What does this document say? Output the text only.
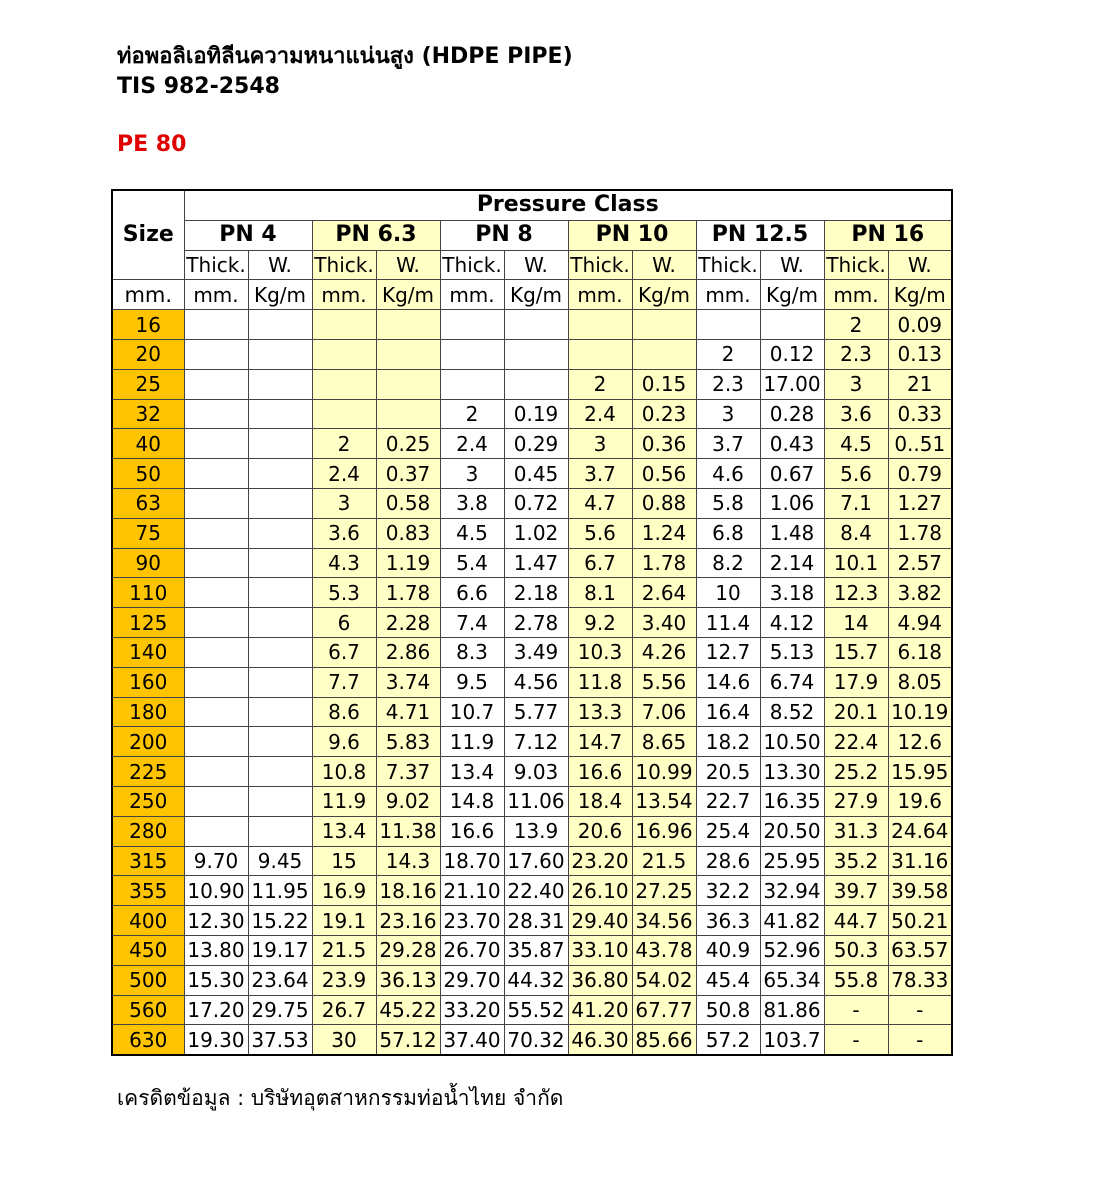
ท่อพอลิเอทิลีนความหนาแน่นสูง (HDPE PIPE)
TIS 982-2548
PE 80
Size	Pressure Class											
	PN 4		PN 6.3		PN 8		PN 10		PN 12.5		PN 16	
	Thick.	W.	Thick.	W.	Thick.	W.	Thick.	W.	Thick.	W.	Thick.	W.
mm.	mm.	Kg/m	mm.	Kg/m	mm.	Kg/m	mm.	Kg/m	mm.	Kg/m	mm.	Kg/m
16											2	0.09
20									2	0.12	2.3	0.13
25							2	0.15	2.3	17.00	3	21
32					2	0.19	2.4	0.23	3	0.28	3.6	0.33
40			2	0.25	2.4	0.29	3	0.36	3.7	0.43	4.5	0..51
50			2.4	0.37	3	0.45	3.7	0.56	4.6	0.67	5.6	0.79
63			3	0.58	3.8	0.72	4.7	0.88	5.8	1.06	7.1	1.27
75			3.6	0.83	4.5	1.02	5.6	1.24	6.8	1.48	8.4	1.78
90			4.3	1.19	5.4	1.47	6.7	1.78	8.2	2.14	10.1	2.57
110			5.3	1.78	6.6	2.18	8.1	2.64	10	3.18	12.3	3.82
125			6	2.28	7.4	2.78	9.2	3.40	11.4	4.12	14	4.94
140			6.7	2.86	8.3	3.49	10.3	4.26	12.7	5.13	15.7	6.18
160			7.7	3.74	9.5	4.56	11.8	5.56	14.6	6.74	17.9	8.05
180			8.6	4.71	10.7	5.77	13.3	7.06	16.4	8.52	20.1	10.19
200			9.6	5.83	11.9	7.12	14.7	8.65	18.2	10.50	22.4	12.6
225			10.8	7.37	13.4	9.03	16.6	10.99	20.5	13.30	25.2	15.95
250			11.9	9.02	14.8	11.06	18.4	13.54	22.7	16.35	27.9	19.6
280			13.4	11.38	16.6	13.9	20.6	16.96	25.4	20.50	31.3	24.64
315	9.70	9.45	15	14.3	18.70	17.60	23.20	21.5	28.6	25.95	35.2	31.16
355	10.90	11.95	16.9	18.16	21.10	22.40	26.10	27.25	32.2	32.94	39.7	39.58
400	12.30	15.22	19.1	23.16	23.70	28.31	29.40	34.56	36.3	41.82	44.7	50.21
450	13.80	19.17	21.5	29.28	26.70	35.87	33.10	43.78	40.9	52.96	50.3	63.57
500	15.30	23.64	23.9	36.13	29.70	44.32	36.80	54.02	45.4	65.34	55.8	78.33
560	17.20	29.75	26.7	45.22	33.20	55.52	41.20	67.77	50.8	81.86	-	-
630	19.30	37.53	30	57.12	37.40	70.32	46.30	85.66	57.2	103.7	-	-

เครดิตข้อมูล : บริษัทอุตสาหกรรมท่อน้ำไทย จำกัด
